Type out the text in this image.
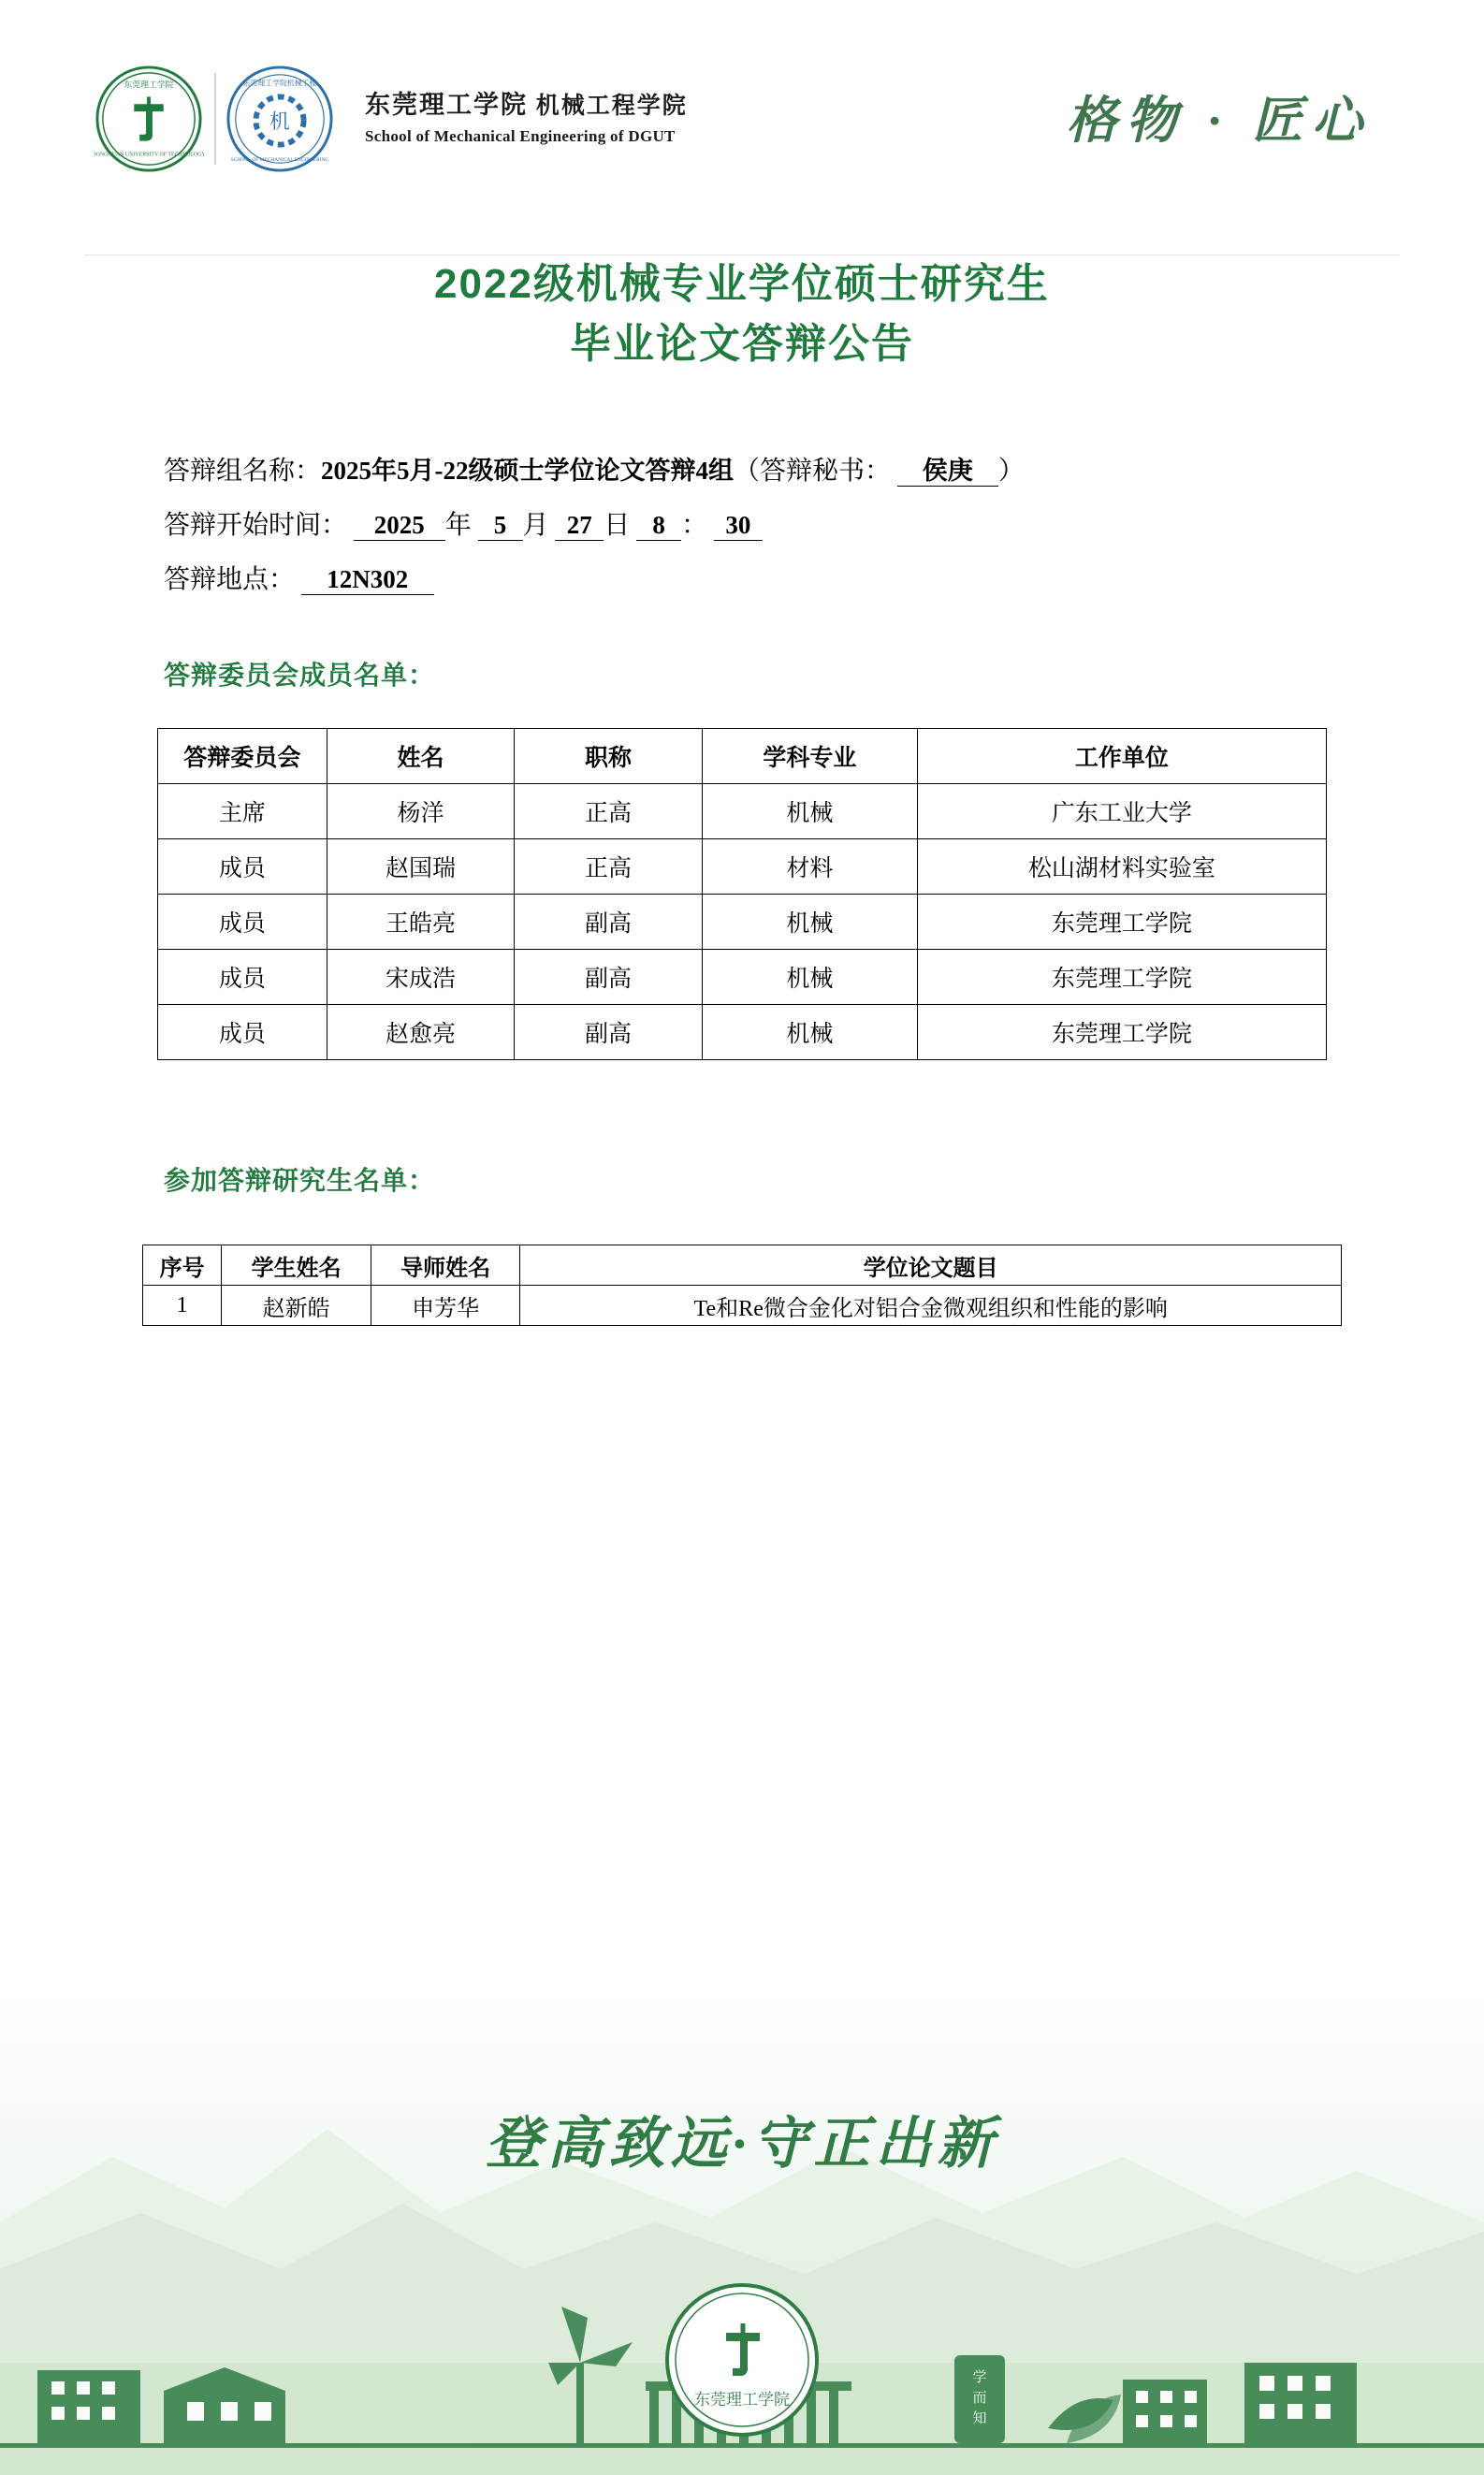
东莞理工学院
DONGGUAN UNIVERSITY OF TECHNOLOGY
机
东莞理工学院机械工程
SCHOOL OF MECHANICAL ENGINEERING
东莞理工学院 机械工程学院
School of Mechanical Engineering of DGUT	格物 · 匠心
2022级机械专业学位硕士研究生
毕业论文答辩公告
答辩组名称：2025年5月-22级硕士学位论文答辩4组（答辩秘书： 侯庚 ）
答辩开始时间： 2025 年 5 月 27 日 8 ： 30
答辩地点： 12N302
答辩委员会成员名单：
答辩委员会	姓名	职称	学科专业	工作单位
主席	杨洋	正高	机械	广东工业大学
成员	赵国瑞	正高	材料	松山湖材料实验室
成员	王皓亮	副高	机械	东莞理工学院
成员	宋成浩	副高	机械	东莞理工学院
成员	赵愈亮	副高	机械	东莞理工学院
参加答辩研究生名单：
序号	学生姓名	导师姓名	学位论文题目
1	赵新皓	申芳华	Te和Re微合金化对铝合金微观组织和性能的影响
学
而
知
登高致远·守正出新
东莞理工学院
